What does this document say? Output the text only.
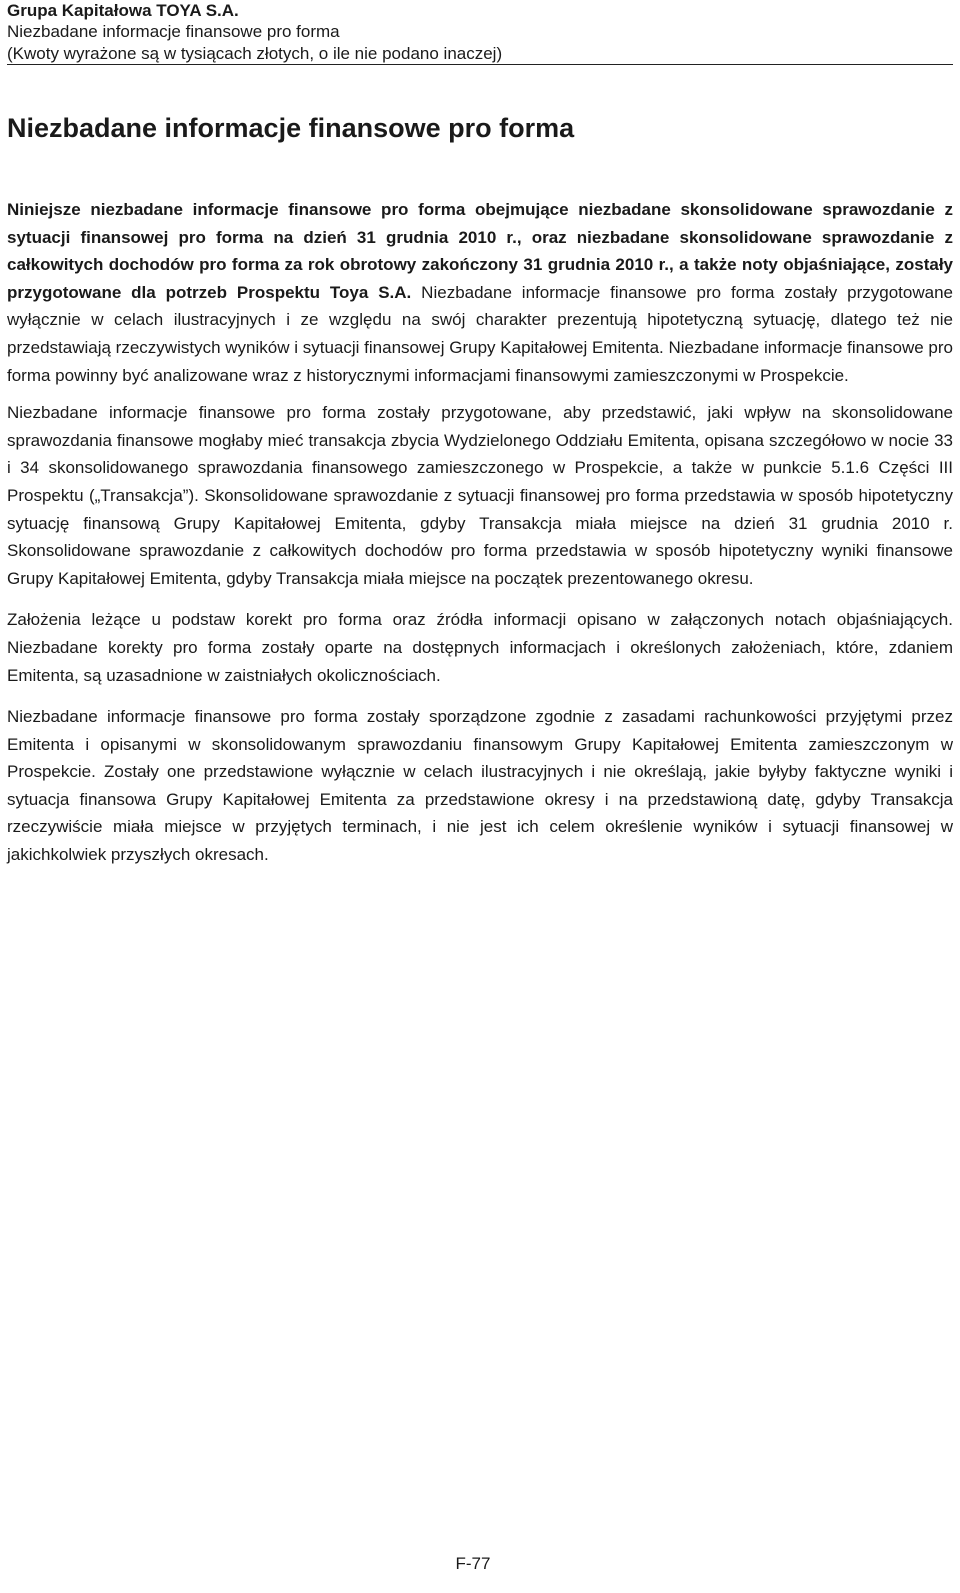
Grupa Kapitałowa TOYA S.A.
Niezbadane informacje finansowe pro forma
(Kwoty wyrażone są w tysiącach złotych, o ile nie podano inaczej)
Niezbadane informacje finansowe pro forma

Niniejsze niezbadane informacje finansowe pro forma obejmujące niezbadane skonsolidowane sprawozdanie z sytuacji finansowej pro forma na dzień 31 grudnia 2010 r., oraz niezbadane skonsolidowane sprawozdanie z całkowitych dochodów pro forma za rok obrotowy zakończony 31 grudnia 2010 r., a także noty objaśniające, zostały przygotowane dla potrzeb Prospektu Toya S.A. Niezbadane informacje finansowe pro forma zostały przygotowane wyłącznie w celach ilustracyjnych i ze względu na swój charakter prezentują hipotetyczną sytuację, dlatego też nie przedstawiają rzeczywistych wyników i sytuacji finansowej Grupy Kapitałowej Emitenta. Niezbadane informacje finansowe pro forma powinny być analizowane wraz z historycznymi informacjami finansowymi zamieszczonymi w Prospekcie.

Niezbadane informacje finansowe pro forma zostały przygotowane, aby przedstawić, jaki wpływ na skonsolidowane sprawozdania finansowe mogłaby mieć transakcja zbycia Wydzielonego Oddziału Emitenta, opisana szczegółowo w nocie 33 i 34 skonsolidowanego sprawozdania finansowego zamieszczonego w Prospekcie, a także w punkcie 5.1.6 Części III Prospektu („Transakcja”). Skonsolidowane sprawozdanie z sytuacji finansowej pro forma przedstawia w sposób hipotetyczny sytuację finansową Grupy Kapitałowej Emitenta, gdyby Transakcja miała miejsce na dzień 31 grudnia 2010 r. Skonsolidowane sprawozdanie z całkowitych dochodów pro forma przedstawia w sposób hipotetyczny wyniki finansowe Grupy Kapitałowej Emitenta, gdyby Transakcja miała miejsce na początek prezentowanego okresu.

Założenia leżące u podstaw korekt pro forma oraz źródła informacji opisano w załączonych notach objaśniających. Niezbadane korekty pro forma zostały oparte na dostępnych informacjach i określonych założeniach, które, zdaniem Emitenta, są uzasadnione w zaistniałych okolicznościach.

Niezbadane informacje finansowe pro forma zostały sporządzone zgodnie z zasadami rachunkowości przyjętymi przez Emitenta i opisanymi w skonsolidowanym sprawozdaniu finansowym Grupy Kapitałowej Emitenta zamieszczonym w Prospekcie. Zostały one przedstawione wyłącznie w celach ilustracyjnych i nie określają, jakie byłyby faktyczne wyniki i sytuacja finansowa Grupy Kapitałowej Emitenta za przedstawione okresy i na przedstawioną datę, gdyby Transakcja rzeczywiście miała miejsce w przyjętych terminach, i nie jest ich celem określenie wyników i sytuacji finansowej w jakichkolwiek przyszłych okresach.

F-77
